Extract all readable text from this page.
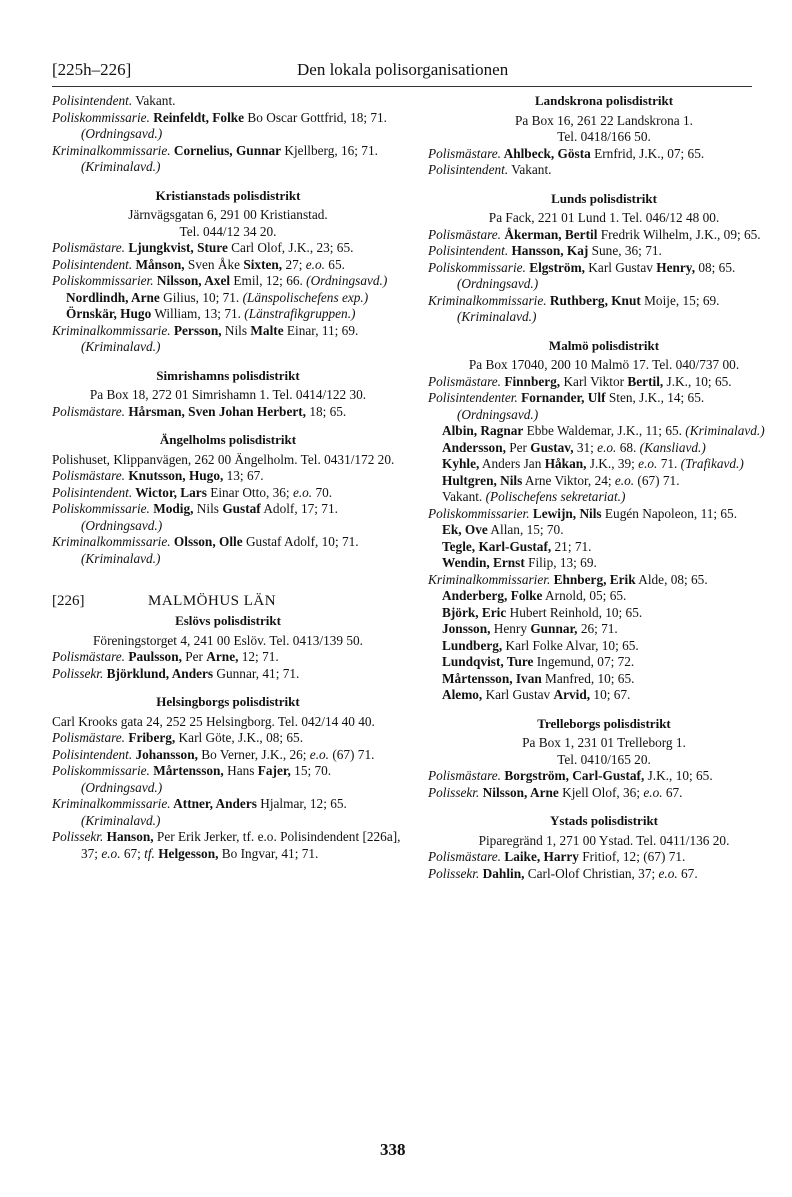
[225h–226]	Den lokala polisorganisationen

Polisintendent. Vakant.

Poliskommissarie. Reinfeldt, Folke Bo Oscar Gottfrid, 18; 71. (Ordningsavd.)

Kriminalkommissarie. Cornelius, Gunnar Kjellberg, 16; 71. (Kriminalavd.)

Kristianstads polisdistrikt
Järnvägsgatan 6, 291 00 Kristianstad.
Tel. 044/12 34 20.

Polismästare. Ljungkvist, Sture Carl Olof, J.K., 23; 65.

Polisintendent. Månson, Sven Åke Sixten, 27; e.o. 65.

Poliskommissarier. Nilsson, Axel Emil, 12; 66. (Ordningsavd.)

Nordlindh, Arne Gilius, 10; 71. (Länspolischefens exp.)

Örnskär, Hugo William, 13; 71. (Länstrafikgruppen.)

Kriminalkommissarie. Persson, Nils Malte Einar, 11; 69. (Kriminalavd.)

Simrishamns polisdistrikt
Pa Box 18, 272 01 Simrishamn 1. Tel. 0414/122 30.

Polismästare. Hårsman, Sven Johan Herbert, 18; 65.

Ängelholms polisdistrikt
Polishuset, Klippanvägen, 262 00 Ängelholm. Tel. 0431/172 20.

Polismästare. Knutsson, Hugo, 13; 67.

Polisintendent. Wictor, Lars Einar Otto, 36; e.o. 70.

Poliskommissarie. Modig, Nils Gustaf Adolf, 17; 71. (Ordningsavd.)

Kriminalkommissarie. Olsson, Olle Gustaf Adolf, 10; 71. (Kriminalavd.)

[226]	MALMÖHUS LÄN
Eslövs polisdistrikt
Föreningstorget 4, 241 00 Eslöv. Tel. 0413/139 50.

Polismästare. Paulsson, Per Arne, 12; 71.

Polissekr. Björklund, Anders Gunnar, 41; 71.

Helsingborgs polisdistrikt
Carl Krooks gata 24, 252 25 Helsingborg. Tel. 042/14 40 40.

Polismästare. Friberg, Karl Göte, J.K., 08; 65.

Polisintendent. Johansson, Bo Verner, J.K., 26; e.o. (67) 71.

Poliskommissarie. Mårtensson, Hans Fajer, 15; 70. (Ordningsavd.)

Kriminalkommissarie. Attner, Anders Hjalmar, 12; 65. (Kriminalavd.)

Polissekr. Hanson, Per Erik Jerker, tf. e.o. Polisindendent [226a], 37; e.o. 67; tf. Helgesson, Bo Ingvar, 41; 71.

Landskrona polisdistrikt
Pa Box 16, 261 22 Landskrona 1.
Tel. 0418/166 50.

Polismästare. Ahlbeck, Gösta Ernfrid, J.K., 07; 65.

Polisintendent. Vakant.

Lunds polisdistrikt
Pa Fack, 221 01 Lund 1. Tel. 046/12 48 00.

Polismästare. Åkerman, Bertil Fredrik Wilhelm, J.K., 09; 65.

Polisintendent. Hansson, Kaj Sune, 36; 71.

Poliskommissarie. Elgström, Karl Gustav Henry, 08; 65. (Ordningsavd.)

Kriminalkommissarie. Ruthberg, Knut Moije, 15; 69. (Kriminalavd.)

Malmö polisdistrikt
Pa Box 17040, 200 10 Malmö 17. Tel. 040/737 00.

Polismästare. Finnberg, Karl Viktor Bertil, J.K., 10; 65.

Polisintendenter. Fornander, Ulf Sten, J.K., 14; 65. (Ordningsavd.)

Albin, Ragnar Ebbe Waldemar, J.K., 11; 65. (Kriminalavd.)

Andersson, Per Gustav, 31; e.o. 68. (Kansliavd.)

Kyhle, Anders Jan Håkan, J.K., 39; e.o. 71. (Trafikavd.)

Hultgren, Nils Arne Viktor, 24; e.o. (67) 71.

Vakant. (Polischefens sekretariat.)

Poliskommissarier. Lewijn, Nils Eugén Napoleon, 11; 65.

Ek, Ove Allan, 15; 70.

Tegle, Karl-Gustaf, 21; 71.

Wendin, Ernst Filip, 13; 69.

Kriminalkommissarier. Ehnberg, Erik Alde, 08; 65.

Anderberg, Folke Arnold, 05; 65.

Björk, Eric Hubert Reinhold, 10; 65.

Jonsson, Henry Gunnar, 26; 71.

Lundberg, Karl Folke Alvar, 10; 65.

Lundqvist, Ture Ingemund, 07; 72.

Mårtensson, Ivan Manfred, 10; 65.

Alemo, Karl Gustav Arvid, 10; 67.

Trelleborgs polisdistrikt
Pa Box 1, 231 01 Trelleborg 1.
Tel. 0410/165 20.

Polismästare. Borgström, Carl-Gustaf, J.K., 10; 65.

Polissekr. Nilsson, Arne Kjell Olof, 36; e.o. 67.

Ystads polisdistrikt
Piparegränd 1, 271 00 Ystad. Tel. 0411/136 20.

Polismästare. Laike, Harry Fritiof, 12; (67) 71.

Polissekr. Dahlin, Carl-Olof Christian, 37; e.o. 67.

338
